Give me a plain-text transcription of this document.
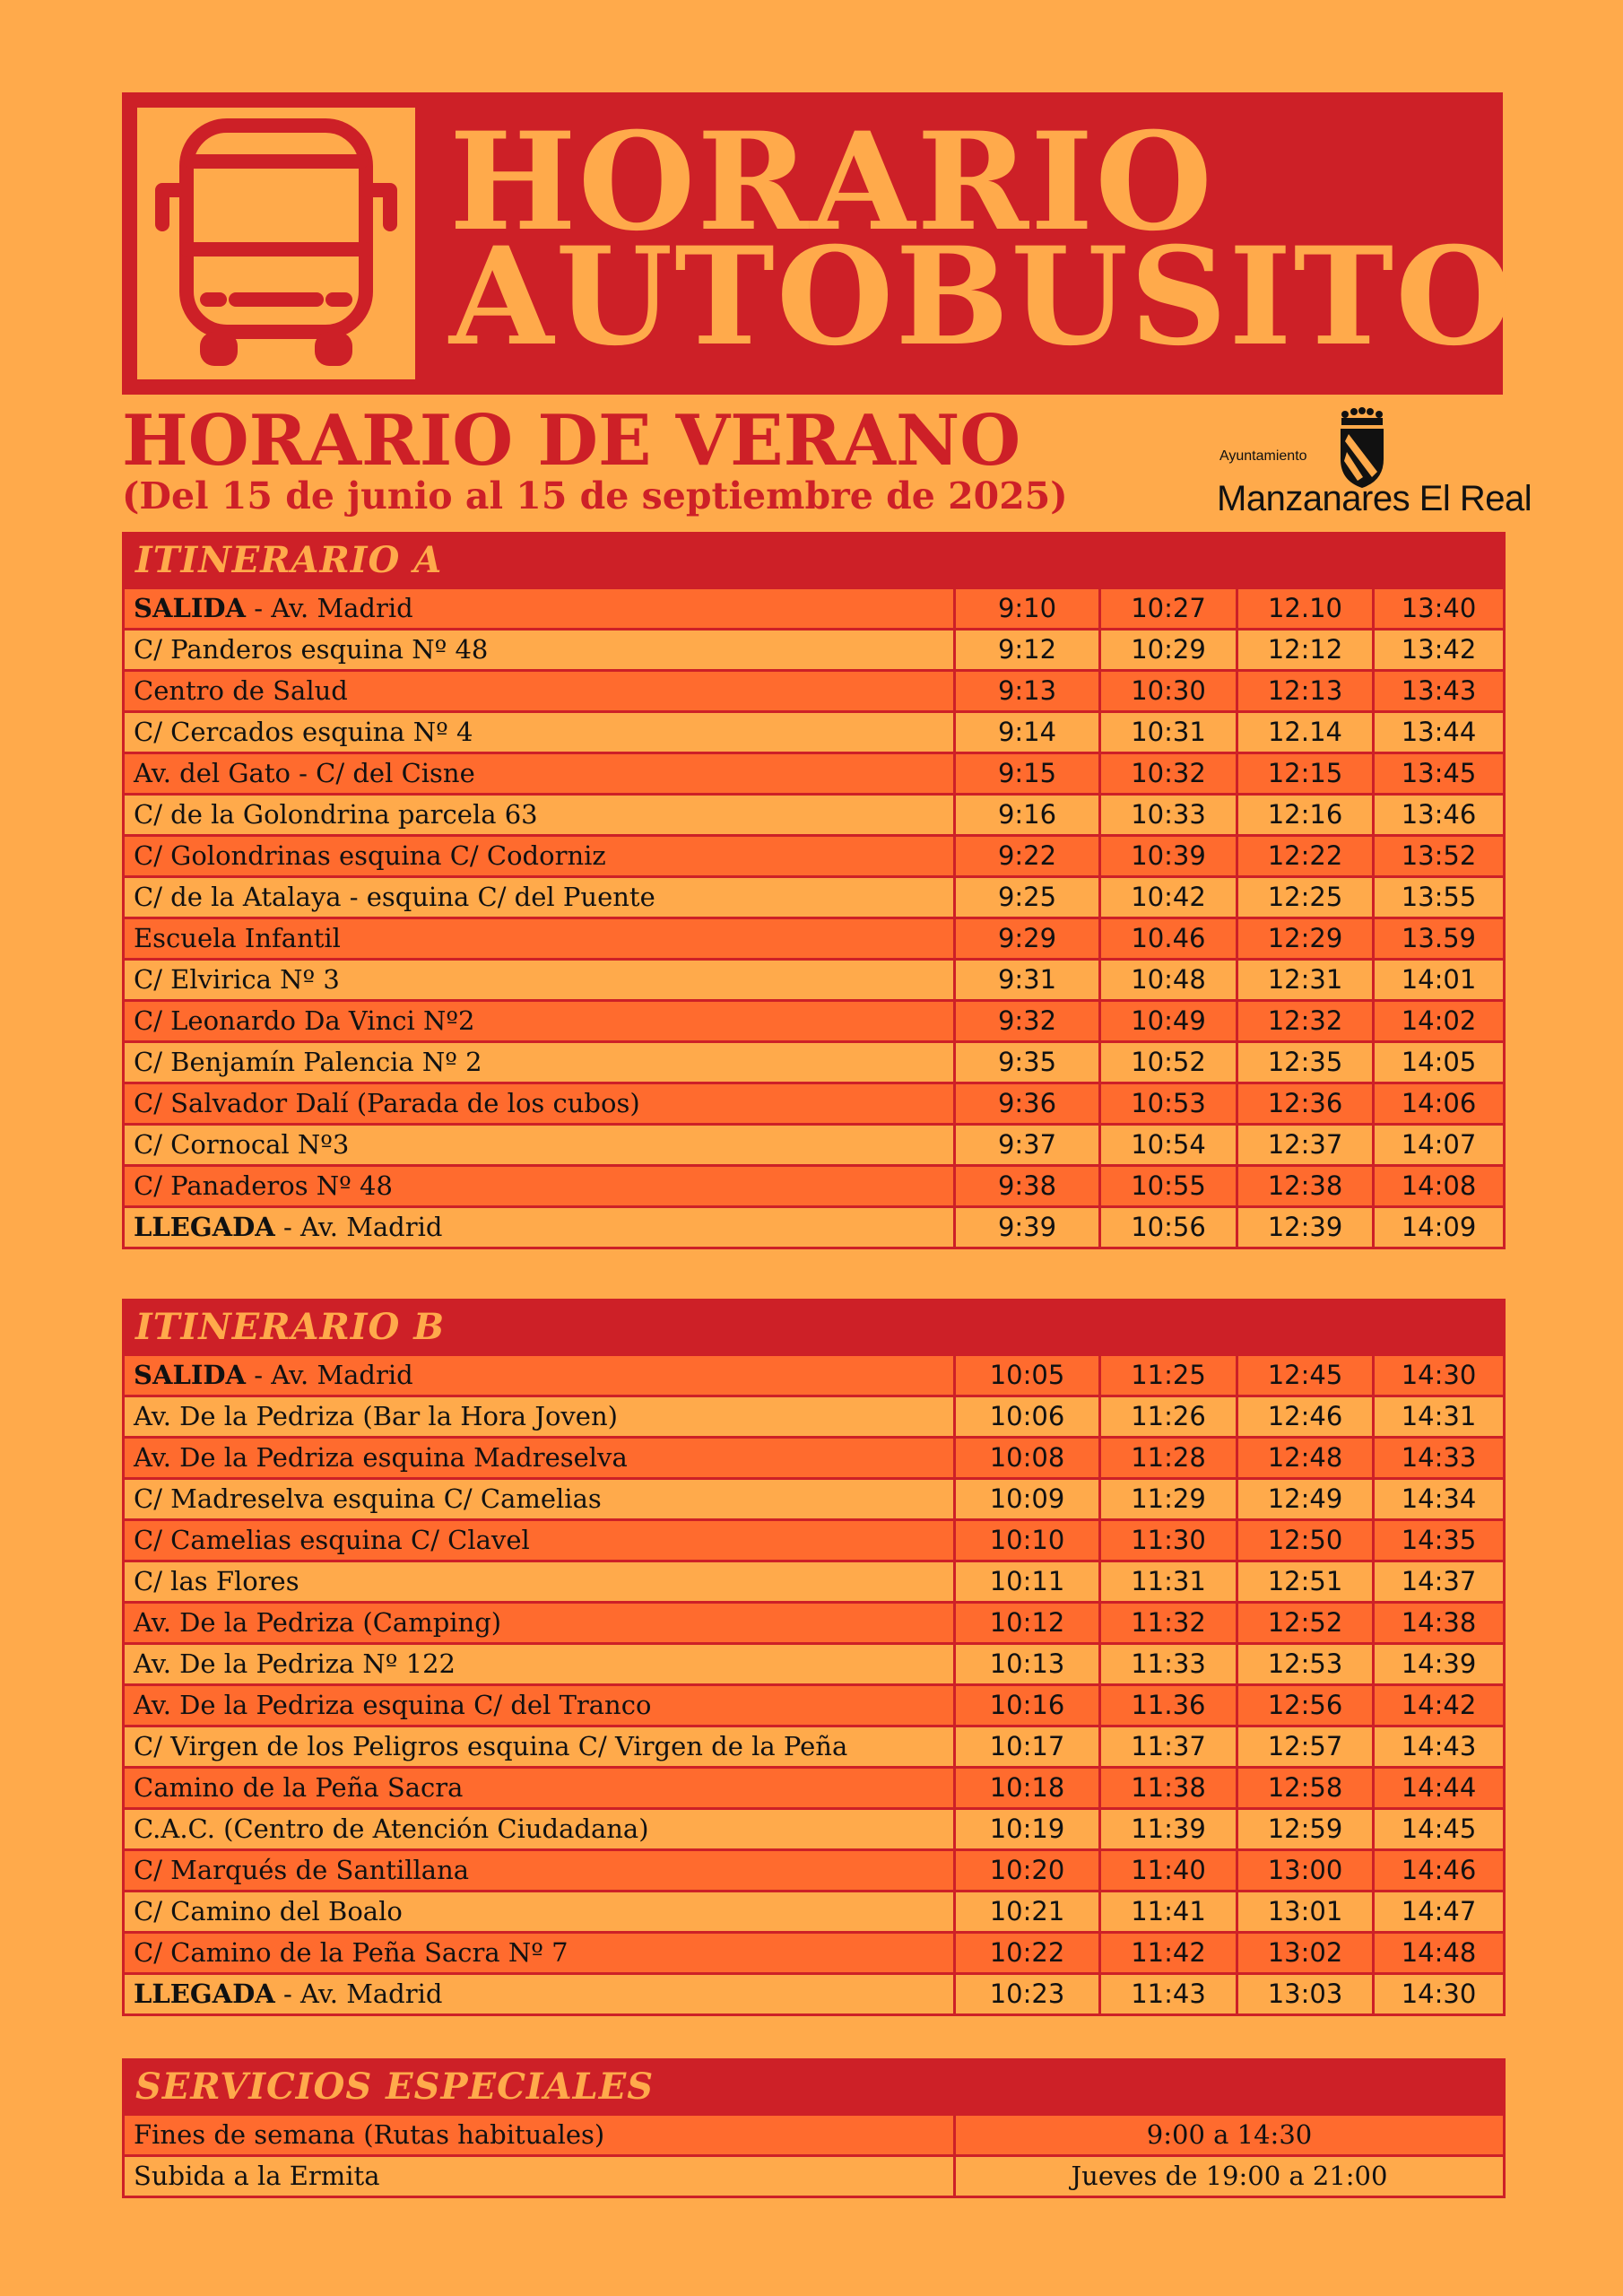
HORARIO
AUTOBUSITO
HORARIO DE VERANO
(Del 15 de junio al 15 de septiembre de 2025)
Ayuntamiento
Manzanares El Real
ITINERARIO A				
SALIDA - Av. Madrid	9:10	10:27	12.10	13:40
C/ Panderos esquina Nº 48	9:12	10:29	12:12	13:42
Centro de Salud	9:13	10:30	12:13	13:43
C/ Cercados esquina Nº 4	9:14	10:31	12.14	13:44
Av. del Gato - C/ del Cisne	9:15	10:32	12:15	13:45
C/ de la Golondrina parcela 63	9:16	10:33	12:16	13:46
C/ Golondrinas esquina C/ Codorniz	9:22	10:39	12:22	13:52
C/ de la Atalaya - esquina C/ del Puente	9:25	10:42	12:25	13:55
Escuela Infantil	9:29	10.46	12:29	13.59
C/ Elvirica Nº 3	9:31	10:48	12:31	14:01
C/ Leonardo Da Vinci Nº2	9:32	10:49	12:32	14:02
C/ Benjamín Palencia Nº 2	9:35	10:52	12:35	14:05
C/ Salvador Dalí (Parada de los cubos)	9:36	10:53	12:36	14:06
C/ Cornocal Nº3	9:37	10:54	12:37	14:07
C/ Panaderos Nº 48	9:38	10:55	12:38	14:08
LLEGADA - Av. Madrid	9:39	10:56	12:39	14:09
ITINERARIO B				
SALIDA - Av. Madrid	10:05	11:25	12:45	14:30
Av. De la Pedriza (Bar la Hora Joven)	10:06	11:26	12:46	14:31
Av. De la Pedriza esquina Madreselva	10:08	11:28	12:48	14:33
C/ Madreselva esquina C/ Camelias	10:09	11:29	12:49	14:34
C/ Camelias esquina C/ Clavel	10:10	11:30	12:50	14:35
C/ las Flores	10:11	11:31	12:51	14:37
Av. De la Pedriza (Camping)	10:12	11:32	12:52	14:38
Av. De la Pedriza Nº 122	10:13	11:33	12:53	14:39
Av. De la Pedriza esquina C/ del Tranco	10:16	11.36	12:56	14:42
C/ Virgen de los Peligros esquina C/ Virgen de la Peña	10:17	11:37	12:57	14:43
Camino de la Peña Sacra	10:18	11:38	12:58	14:44
C.A.C. (Centro de Atención Ciudadana)	10:19	11:39	12:59	14:45
C/ Marqués de Santillana	10:20	11:40	13:00	14:46
C/ Camino del Boalo	10:21	11:41	13:01	14:47
C/ Camino de la Peña Sacra Nº 7	10:22	11:42	13:02	14:48
LLEGADA - Av. Madrid	10:23	11:43	13:03	14:30
SERVICIOS ESPECIALES	
Fines de semana (Rutas habituales)	9:00 a 14:30
Subida a la Ermita	Jueves de 19:00 a 21:00
